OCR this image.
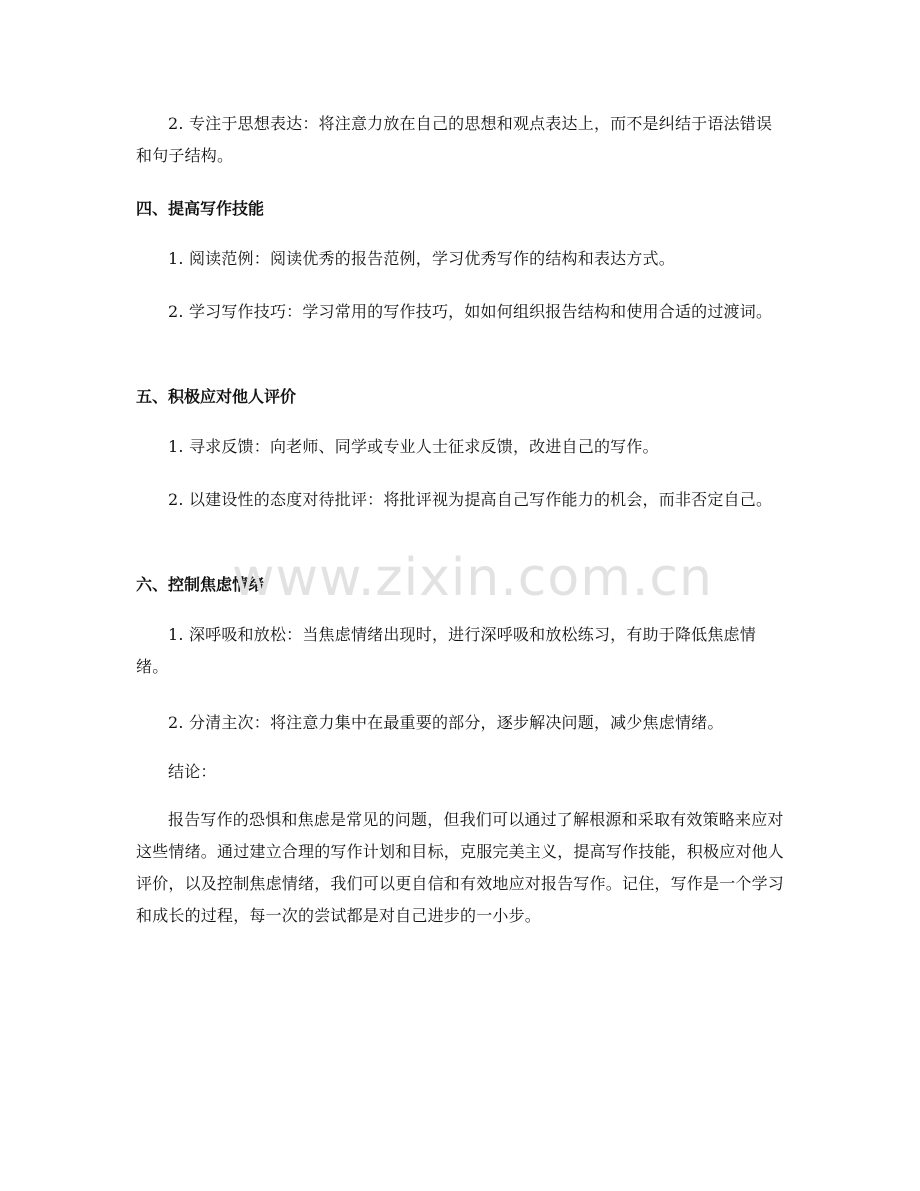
2. 专注于思想表达：将注意力放在自己的思想和观点表达上，而不是纠结于语法错误和句子结构。

四、提高写作技能

1. 阅读范例：阅读优秀的报告范例，学习优秀写作的结构和表达方式。

2. 学习写作技巧：学习常用的写作技巧，如如何组织报告结构和使用合适的过渡词。

五、积极应对他人评价

1. 寻求反馈：向老师、同学或专业人士征求反馈，改进自己的写作。

2. 以建设性的态度对待批评：将批评视为提高自己写作能力的机会，而非否定自己。

六、控制焦虑情绪

1. 深呼吸和放松：当焦虑情绪出现时，进行深呼吸和放松练习，有助于降低焦虑情绪。

2. 分清主次：将注意力集中在最重要的部分，逐步解决问题，减少焦虑情绪。

结论：

报告写作的恐惧和焦虑是常见的问题，但我们可以通过了解根源和采取有效策略来应对这些情绪。通过建立合理的写作计划和目标，克服完美主义，提高写作技能，积极应对他人评价，以及控制焦虑情绪，我们可以更自信和有效地应对报告写作。记住，写作是一个学习和成长的过程，每一次的尝试都是对自己进步的一小步。

www.zixin.com.cn
